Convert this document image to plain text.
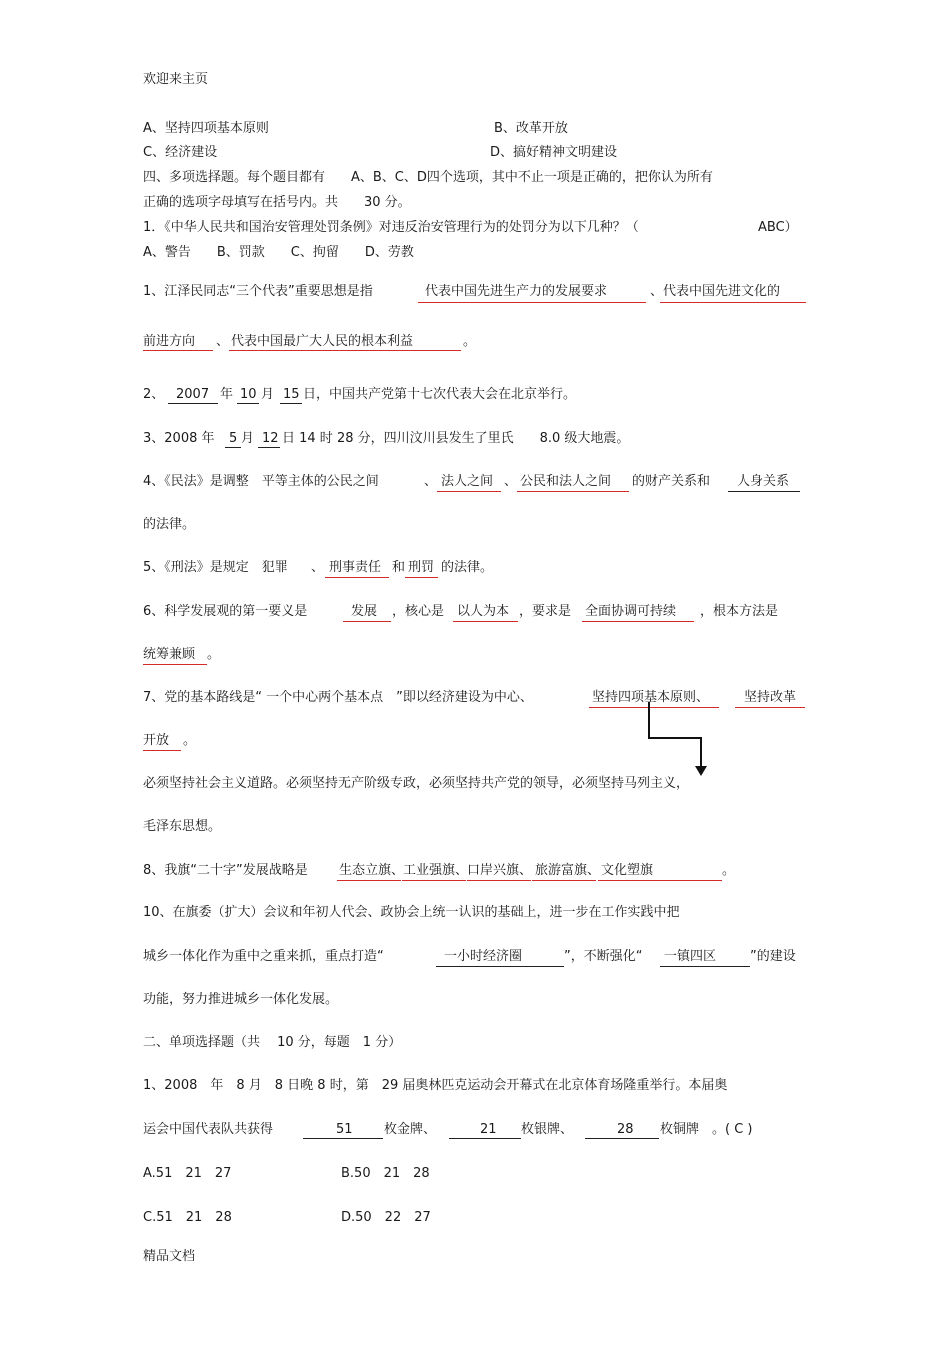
欢迎来主页
A、坚持四项基本原则	B、改革开放
C、经济建设	D、搞好精神文明建设
四、多项选择题。每个题目都有　　A、B、C、D四个选项，其中不止一项是正确的，把你认为所有
正确的选项字母填写在括号内。共　　30 分。
1．《中华人民共和国治安管理处罚条例》对违反治安管理行为的处罚分为以下几种？（	ABC）
A、警告　　B、罚款　　C、拘留　　D、劳教
1、江泽民同志“三个代表”重要思想是指	代表中国先进生产力的发展要求	、 代表中国先进文化的
前进方向 、 代表中国最广大人民的根本利益	。
2、 2007 年 10 月 15 日，中国共产党第十七次代表大会在北京举行。
3、2008 年 5 月 12 日 14 时 28 分，四川汶川县发生了里氏　　8.0 级大地震。
4、《民法》是调整　平等主体的公民之间	、 法人之间 、 公民和法人之间 的财产关系和 人身关系
的法律。
5、《刑法》是规定　犯罪 、 刑事责任 和 刑罚 的法律。
6、科学发展观的第一要义是	发展 ，核心是 以人为本 ，要求是 全面协调可持续 ，根本方法是
统筹兼顾 。
7、党的基本路线是“ 一个中心两个基本点　”即以经济建设为中心、	坚持四项基本原则、	坚持改革
开放 。
必须坚持社会主义道路。必须坚持无产阶级专政，必须坚持共产党的领导，必须坚持马列主义，
毛泽东思想。
8、我旗“二十字”发展战略是 生态立旗、
工业强旗、
口岸兴旗、 旅游富旗、 文化塑旗	。
10、在旗委（扩大）会议和年初人代会、政协会上统一认识的基础上，进一步在工作实践中把
城乡一体化作为重中之重来抓，重点打造“	一小时经济圈	”，不断强化“ 一镇四区	”的建设
功能，努力推进城乡一体化发展。
二、单项选择题（共　 10 分，每题　1 分）
1、2008　年　8 月　8 日晚 8 时，第　29 届奥林匹克运动会开幕式在北京体育场隆重举行。本届奥
运会中国代表队共获得	51 枚金牌、	21 枚银牌、	28 枚铜牌　。( C )
A.51　21　27	B.50　21　28
C.51　21　28	D.50　22　27
精品文档
